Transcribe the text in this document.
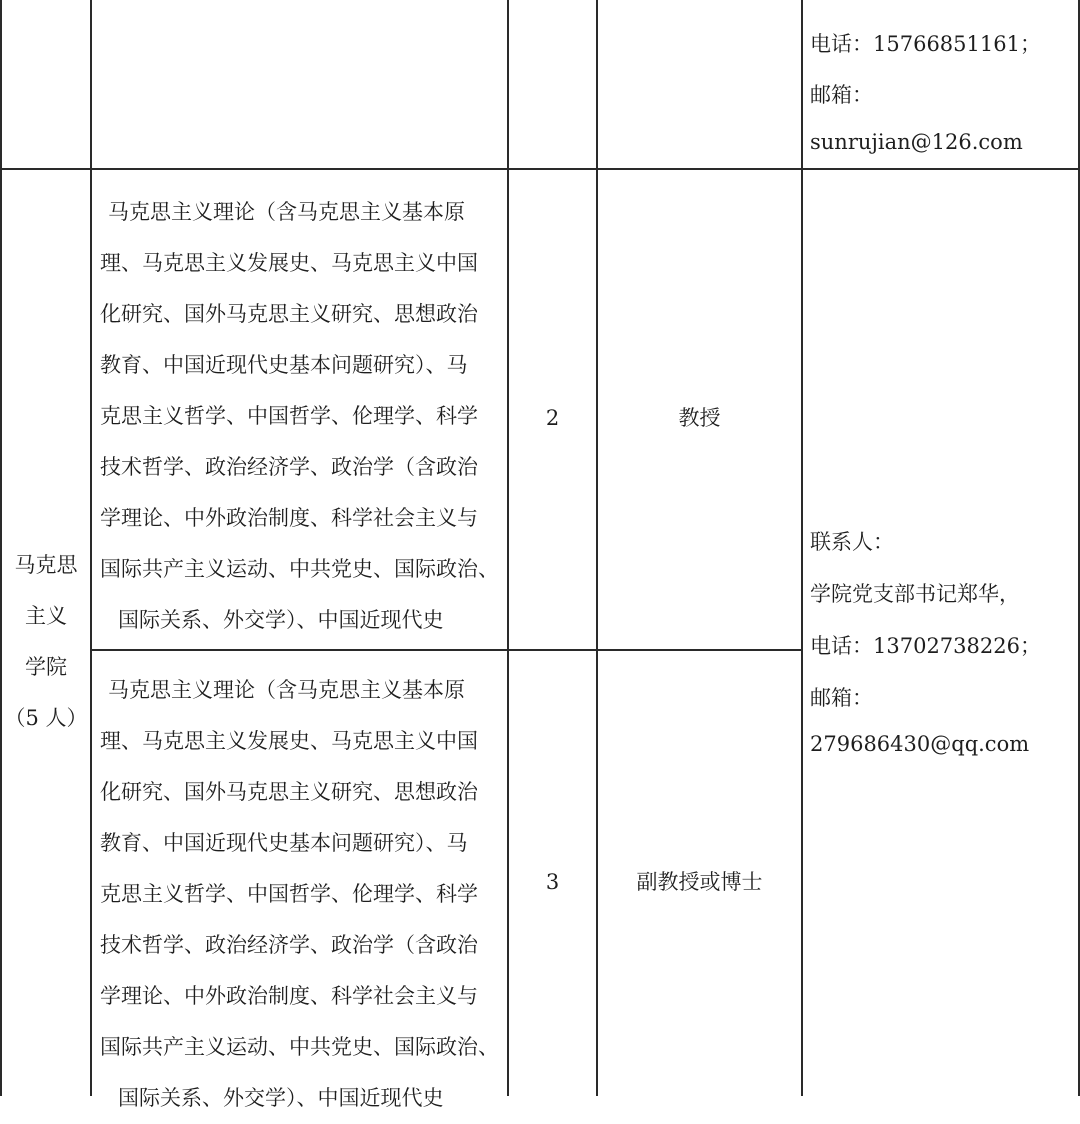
电话：15766851161；
邮箱：
sunrujian@126.com
马克思
主义
学院
（5 人）
马克思主义理论（含马克思主义基本原
理、马克思主义发展史、马克思主义中国
化研究、国外马克思主义研究、思想政治
教育、中国近现代史基本问题研究）、马
克思主义哲学、中国哲学、伦理学、科学
技术哲学、政治经济学、政治学（含政治
学理论、中外政治制度、科学社会主义与
国际共产主义运动、中共党史、国际政治、
国际关系、外交学）、中国近现代史
2	教授
马克思主义理论（含马克思主义基本原
理、马克思主义发展史、马克思主义中国
化研究、国外马克思主义研究、思想政治
教育、中国近现代史基本问题研究）、马
克思主义哲学、中国哲学、伦理学、科学
技术哲学、政治经济学、政治学（含政治
学理论、中外政治制度、科学社会主义与
国际共产主义运动、中共党史、国际政治、
国际关系、外交学）、中国近现代史
3	副教授或博士
联系人：
学院党支部书记郑华，
电话：13702738226；
邮箱：
279686430@qq.com
